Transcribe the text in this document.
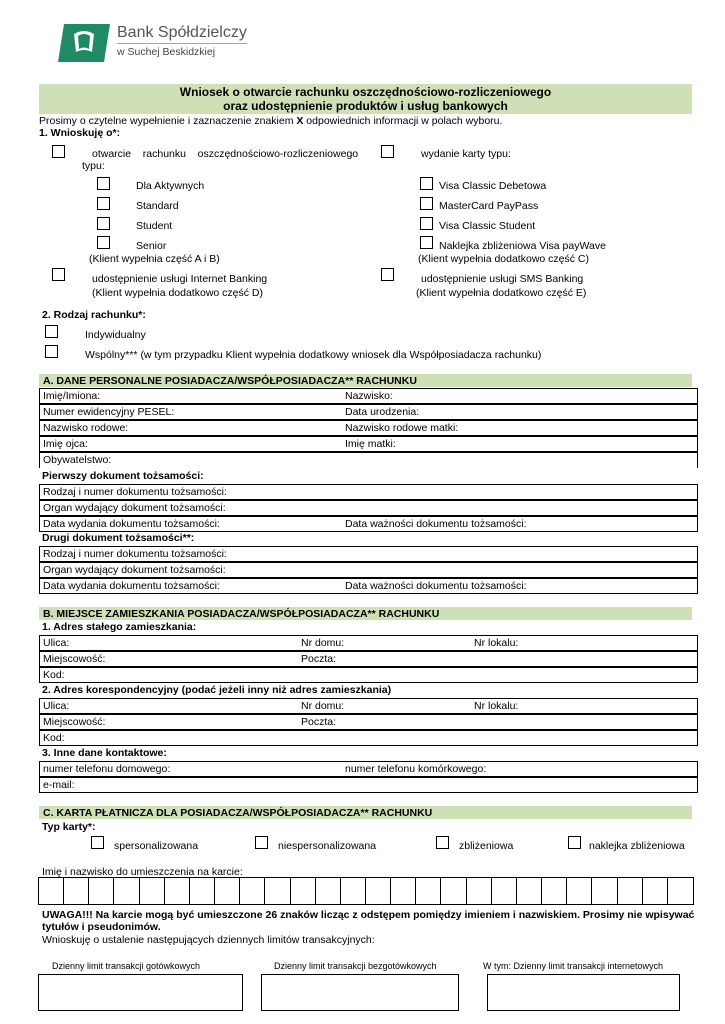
Bank Spółdzielczy
w Suchej Beskidzkiej
Wniosek o otwarcie rachunku oszczędnościowo-rozliczeniowego
oraz udostępnienie produktów i usług bankowych
Prosimy o czytelne wypełnienie i zaznaczenie znakiem X odpowiednich informacji w polach wyboru.
1. Wnioskuję o*:
otwarcie    rachunku    oszczędnościowo-rozliczeniowego
typu:
Dla Aktywnych
Standard
Student
Senior
(Klient wypełnia część A i B)
udostępnienie usługi Internet Banking
(Klient wypełnia dodatkowo część D)
wydanie karty typu:
Visa Classic Debetowa
MasterCard PayPass
Visa Classic Student
Naklejka zbliżeniowa Visa payWave
(Klient wypełnia dodatkowo część C)
udostępnienie usługi SMS Banking
(Klient wypełnia dodatkowo część E)
2. Rodzaj rachunku*:
Indywidualny
Wspólny*** (w tym przypadku Klient wypełnia dodatkowy wniosek dla Współposiadacza rachunku)
A. DANE PERSONALNE POSIADACZA/WSPÓŁPOSIADACZA** RACHUNKU
Imię/Imiona:	Nazwisko:
Numer ewidencyjny PESEL:	Data urodzenia:
Nazwisko rodowe:	Nazwisko rodowe matki:
Imię ojca:	Imię matki:
Obywatelstwo:
Pierwszy dokument tożsamości:
Rodzaj i numer dokumentu tożsamości:
Organ wydający dokument tożsamości:
Data wydania dokumentu tożsamości:	Data ważności dokumentu tożsamości:
Drugi dokument tożsamości**:
Rodzaj i numer dokumentu tożsamości:
Organ wydający dokument tożsamości:
Data wydania dokumentu tożsamości:	Data ważności dokumentu tożsamości:
B. MIEJSCE ZAMIESZKANIA POSIADACZA/WSPÓŁPOSIADACZA** RACHUNKU
1. Adres stałego zamieszkania:
Ulica:	Nr domu:	Nr lokalu:
Miejscowość:	Poczta:
Kod:
2. Adres korespondencyjny (podać jeżeli inny niż adres zamieszkania)
Ulica:	Nr domu:	Nr lokalu:
Miejscowość:	Poczta:
Kod:
3. Inne dane kontaktowe:
numer telefonu domowego:	numer telefonu komórkowego:
e-mail:
C. KARTA PŁATNICZA DLA POSIADACZA/WSPÓŁPOSIADACZA** RACHUNKU
Typ karty*:
spersonalizowana	niespersonalizowana	zbliżeniowa	naklejka zbliżeniowa
Imię i nazwisko do umieszczenia na karcie:
UWAGA!!! Na karcie mogą być umieszczone 26 znaków licząc z odstępem pomiędzy imieniem i nazwiskiem. Prosimy nie wpisywać tytułów i pseudonimów.
Wnioskuję o ustalenie następujących dziennych limitów transakcyjnych:
Dzienny limit transakcji gotówkowych	Dzienny limit transakcji bezgotówkowych	W tym: Dzienny limit transakcji internetowych
